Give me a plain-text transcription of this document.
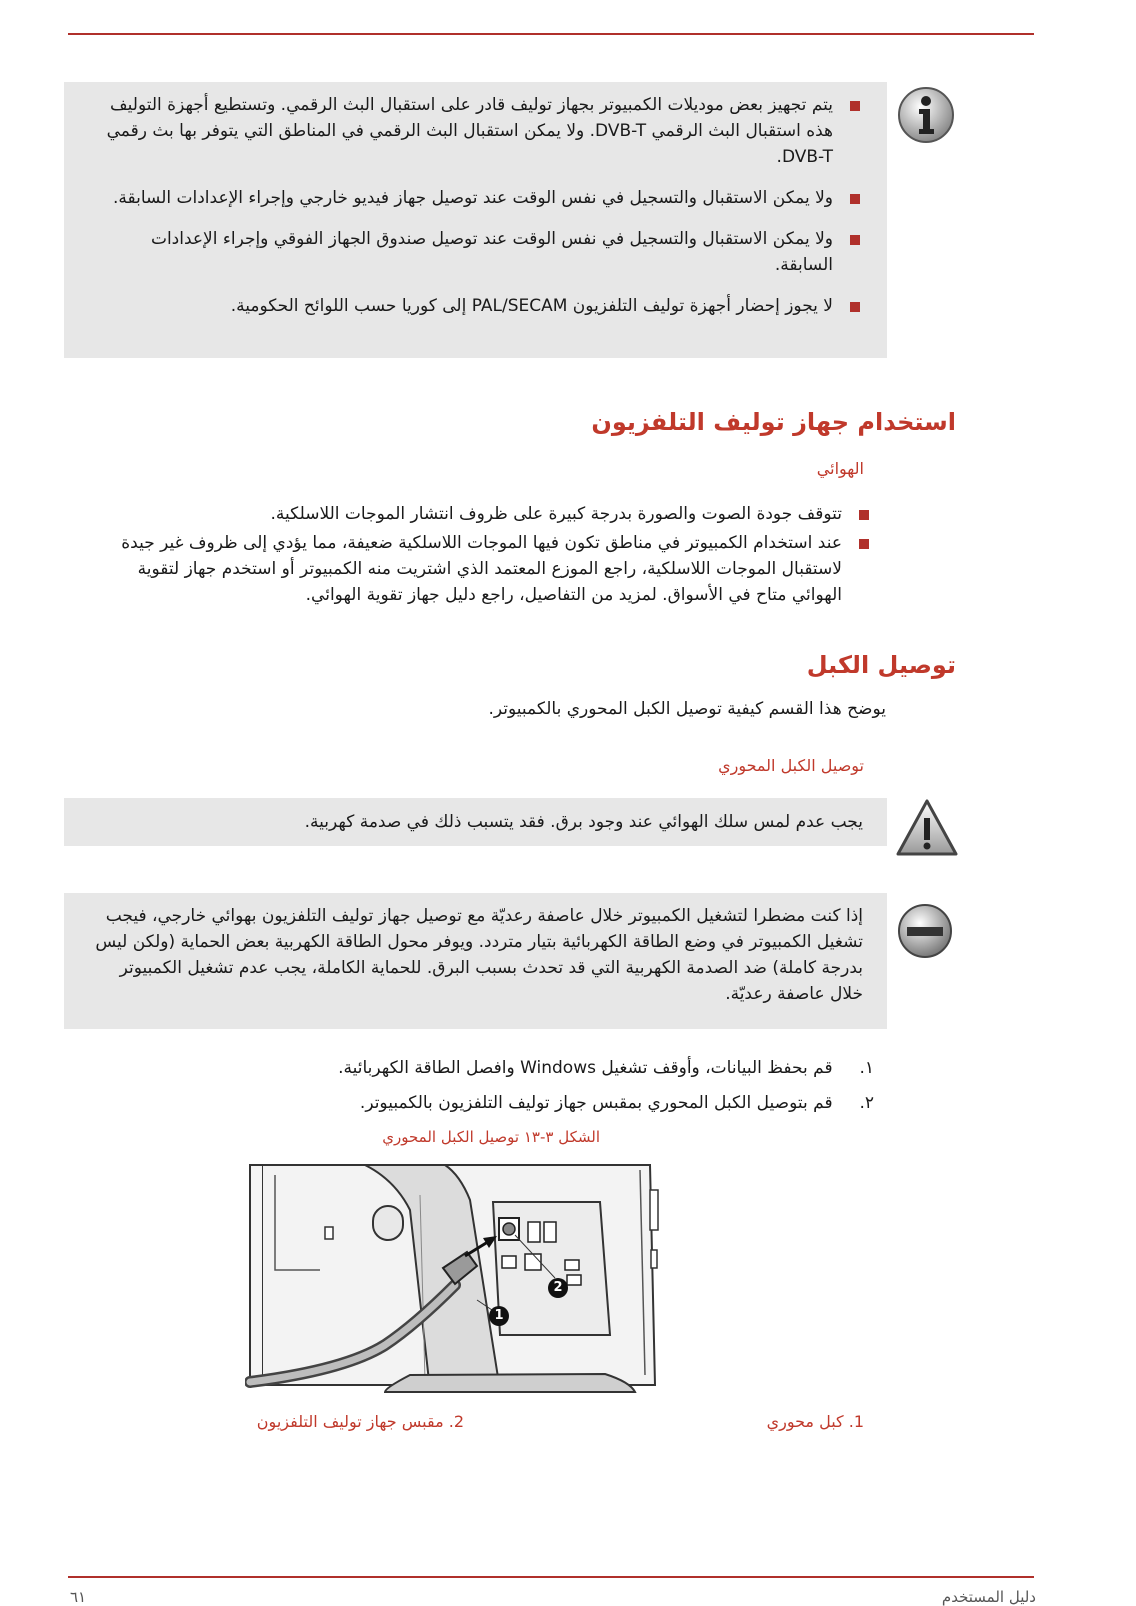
يتم تجهيز بعض موديلات الكمبيوتر بجهاز توليف قادر على استقبال البث الرقمي. وتستطيع أجهزة التوليف هذه استقبال البث الرقمي DVB-T. ولا يمكن استقبال البث الرقمي في المناطق التي يتوفر بها بث رقمي DVB-T.
ولا يمكن الاستقبال والتسجيل في نفس الوقت عند توصيل جهاز فيديو خارجي وإجراء الإعدادات السابقة.
ولا يمكن الاستقبال والتسجيل في نفس الوقت عند توصيل صندوق الجهاز الفوقي وإجراء الإعدادات السابقة.
لا يجوز إحضار أجهزة توليف التلفزيون PAL/SECAM إلى كوريا حسب اللوائح الحكومية.
استخدام جهاز توليف التلفزيون
الهوائي
تتوقف جودة الصوت والصورة بدرجة كبيرة على ظروف انتشار الموجات اللاسلكية.
عند استخدام الكمبيوتر في مناطق تكون فيها الموجات اللاسلكية ضعيفة، مما يؤدي إلى ظروف غير جيدة لاستقبال الموجات اللاسلكية، راجع الموزع المعتمد الذي اشتريت منه الكمبيوتر أو استخدم جهاز لتقوية الهوائي متاح في الأسواق. لمزيد من التفاصيل، راجع دليل جهاز تقوية الهوائي.
توصيل الكبل
يوضح هذا القسم كيفية توصيل الكبل المحوري بالكمبيوتر.
توصيل الكبل المحوري
يجب عدم لمس سلك الهوائي عند وجود برق. فقد يتسبب ذلك في صدمة كهربية.
إذا كنت مضطرا لتشغيل الكمبيوتر خلال عاصفة رعديّة مع توصيل جهاز توليف التلفزيون بهوائي خارجي، فيجب تشغيل الكمبيوتر في وضع الطاقة الكهربائية بتيار متردد. ويوفر محول الطاقة الكهربية بعض الحماية (ولكن ليس بدرجة كاملة) ضد الصدمة الكهربية التي قد تحدث بسبب البرق. للحماية الكاملة، يجب عدم تشغيل الكمبيوتر خلال عاصفة رعديّة.
١. قم بحفظ البيانات، وأوقف تشغيل Windows وافصل الطاقة الكهربائية.
٢. قم بتوصيل الكبل المحوري بمقبس جهاز توليف التلفزيون بالكمبيوتر.
الشكل ٣-١٣ توصيل الكبل المحوري
1
2
1. كبل محوري
2. مقبس جهاز توليف التلفزيون
٦١	دليل المستخدم
